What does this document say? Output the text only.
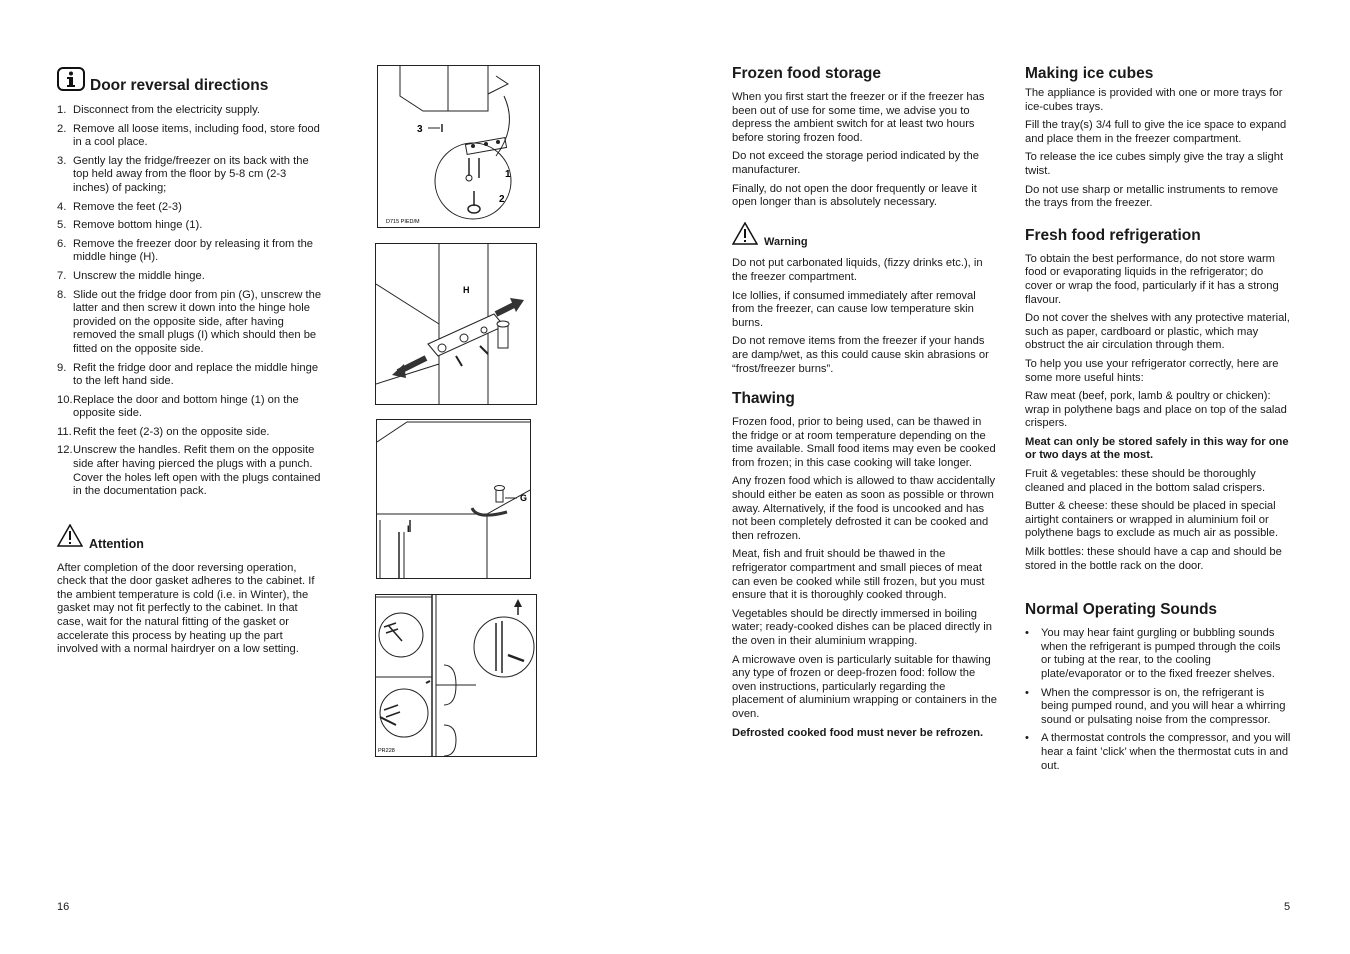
Door reversal directions
1. Disconnect from the electricity supply.
2. Remove all loose items, including food, store food in a cool place.
3. Gently lay the fridge/freezer on its back with the top held away from the floor by 5-8 cm (2-3 inches) of packing;
4. Remove the feet (2-3)
5. Remove bottom hinge (1).
6. Remove the freezer door by releasing it from the middle hinge (H).
7. Unscrew the middle hinge.
8. Slide out the fridge door from pin (G), unscrew the latter and then screw it down into the hinge hole provided on the opposite side, after having removed the small plugs (I) which should then be fitted on the opposite side.
9. Refit the fridge door and replace the middle hinge to the left hand side.
10. Replace the door and bottom hinge (1) on the opposite side.
11. Refit the feet (2-3) on the opposite side.
12. Unscrew the handles. Refit them on the opposite side after having pierced the plugs with a punch. Cover the holes left open with the plugs contained in the documentation pack.
Attention

After completion of the door reversing operation, check that the door gasket adheres to the cabinet. If the ambient temperature is cold (i.e. in Winter), the gasket may not fit perfectly to the cabinet. In that case, wait for the natural fitting of the gasket or accelerate this process by heating up the part involved with a normal hairdryer on a low setting.

16
3
1
2
D715 PIED/M
H
G
I
PR228
Frozen food storage

When you first start the freezer or if the freezer has been out of use for some time, we advise you to depress the ambient switch for at least two hours before storing frozen food.

Do not exceed the storage period indicated by the manufacturer.

Finally, do not open the door frequently or leave it open longer than is absolutely necessary.

Warning

Do not put carbonated liquids, (fizzy drinks etc.), in the freezer compartment.

Ice lollies, if consumed immediately after removal from the freezer, can cause low temperature skin burns.

Do not remove items from the freezer if your hands are damp/wet, as this could cause skin abrasions or “frost/freezer burns”.

Thawing

Frozen food, prior to being used, can be thawed in the fridge or at room temperature depending on the time available. Small food items may even be cooked from frozen; in this case cooking will take longer.

Any frozen food which is allowed to thaw accidentally should either be eaten as soon as possible or thrown away. Alternatively, if the food is uncooked and has not been completely defrosted it can be cooked and then refrozen.

Meat, fish and fruit should be thawed in the refrigerator compartment and small pieces of meat can even be cooked while still frozen, but you must ensure that it is thoroughly cooked through.

Vegetables should be directly immersed in boiling water; ready-cooked dishes can be placed directly in the oven in their aluminium wrapping.

A microwave oven is particularly suitable for thawing any type of frozen or deep-frozen food: follow the oven instructions, particularly regarding the placement of aluminium wrapping or containers in the oven.

Defrosted cooked food must never be refrozen.

Making ice cubes

The appliance is provided with one or more trays for ice-cubes trays.

Fill the tray(s) 3/4 full to give the ice space to expand and place them in the freezer compartment.

To release the ice cubes simply give the tray a slight twist.

Do not use sharp or metallic instruments to remove the trays from the freezer.

Fresh food refrigeration

To obtain the best performance, do not store warm food or evaporating liquids in the refrigerator; do cover or wrap the food, particularly if it has a strong flavour.

Do not cover the shelves with any protective material, such as paper, cardboard or plastic, which may obstruct the air circulation through them.

To help you use your refrigerator correctly, here are some more useful hints:

Raw meat (beef, pork, lamb & poultry or chicken): wrap in polythene bags and place on top of the salad crispers.

Meat can only be stored safely in this way for one or two days at the most.

Fruit & vegetables: these should be thoroughly cleaned and placed in the bottom salad crispers.

Butter & cheese: these should be placed in special airtight containers or wrapped in aluminium foil or polythene bags to exclude as much air as possible.

Milk bottles: these should have a cap and should be stored in the bottle rack on the door.

Normal Operating Sounds
• You may hear faint gurgling or bubbling sounds when the refrigerant is pumped through the coils or tubing at the rear, to the cooling plate/evaporator or to the fixed freezer shelves.
• When the compressor is on, the refrigerant is being pumped round, and you will hear a whirring sound or pulsating noise from the compressor.
• A thermostat controls the compressor, and you will hear a faint ’click’ when the thermostat cuts in and out.
5
